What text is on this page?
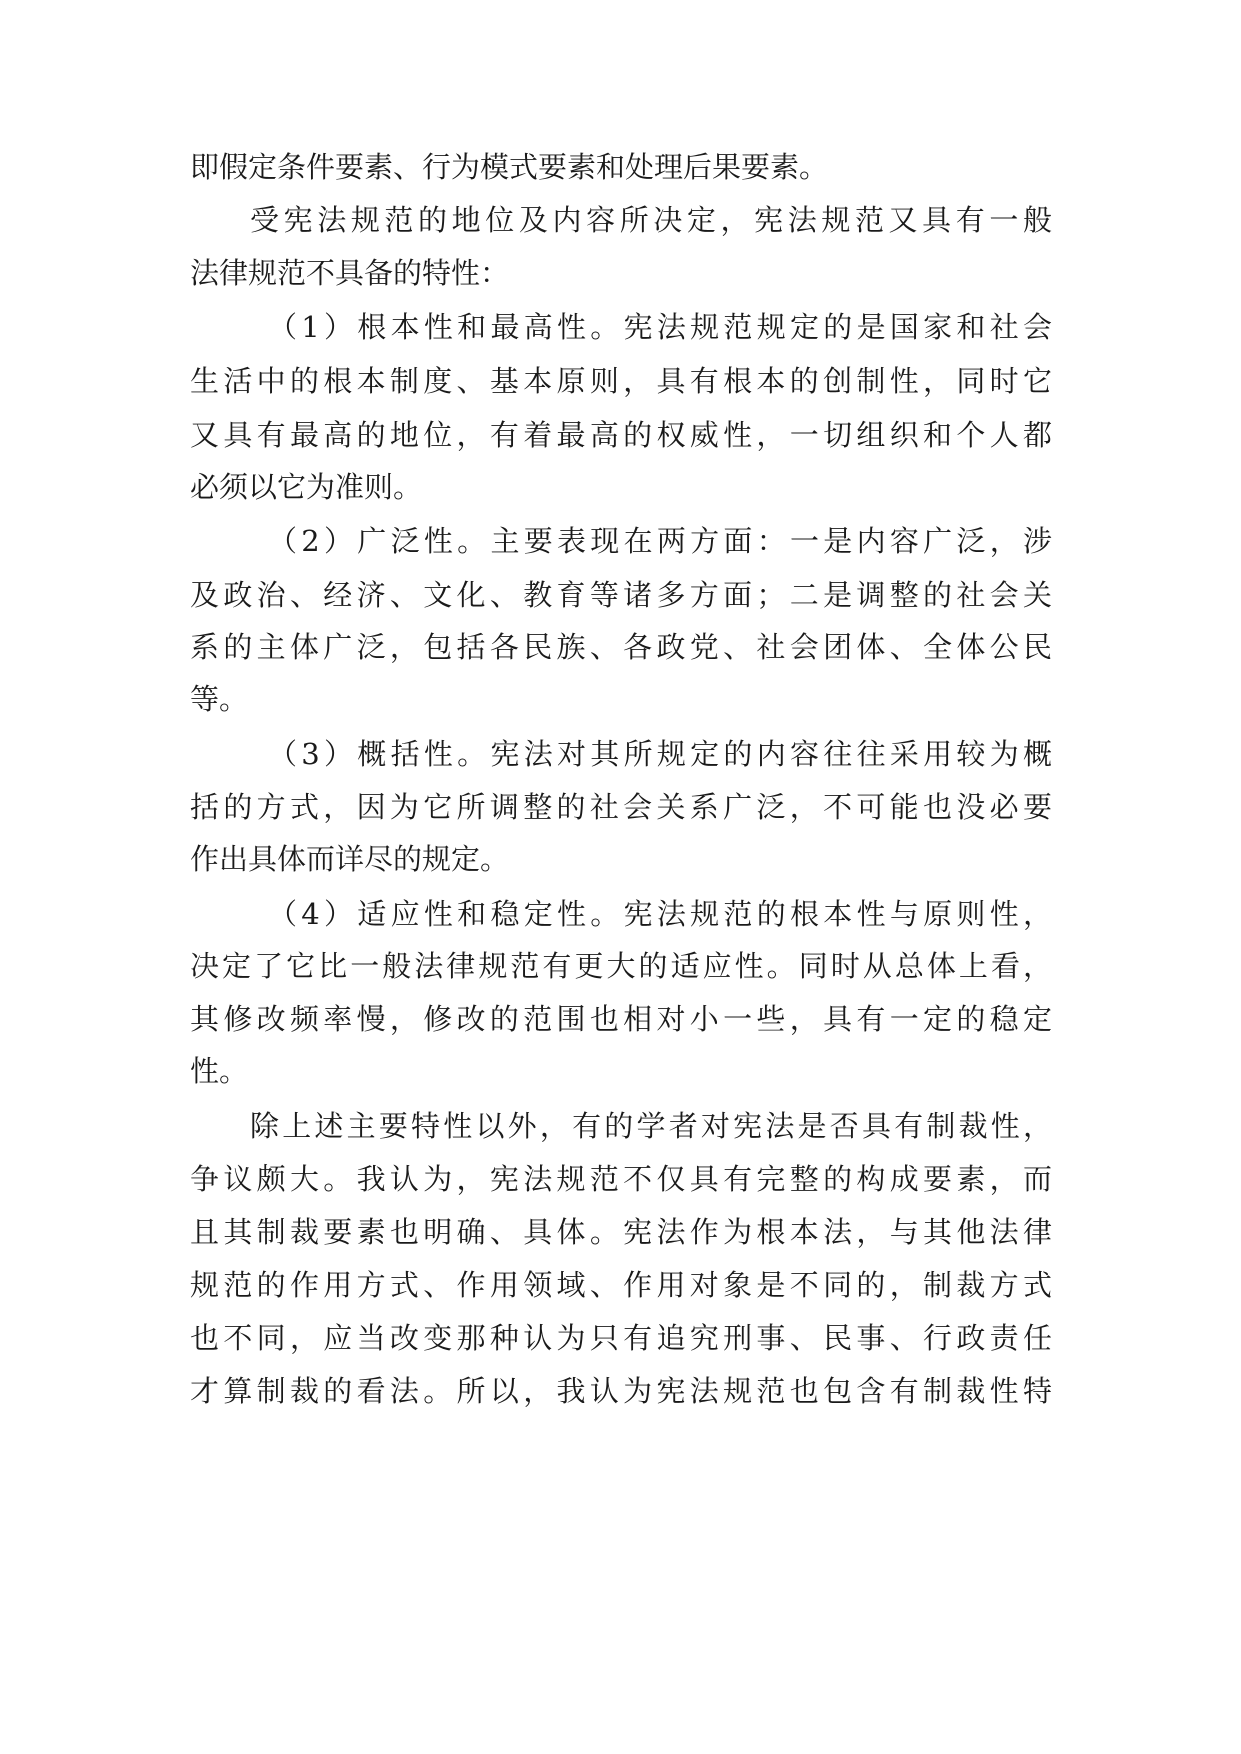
即假定条件要素、行为模式要素和处理后果要素。
受宪法规范的地位及内容所决定，宪法规范又具有一般
法律规范不具备的特性：
（1）根本性和最高性。宪法规范规定的是国家和社会
生活中的根本制度、基本原则，具有根本的创制性，同时它
又具有最高的地位，有着最高的权威性，一切组织和个人都
必须以它为准则。
（2）广泛性。主要表现在两方面：一是内容广泛，涉
及政治、经济、文化、教育等诸多方面；二是调整的社会关
系的主体广泛，包括各民族、各政党、社会团体、全体公民
等。
（3）概括性。宪法对其所规定的内容往往采用较为概
括的方式，因为它所调整的社会关系广泛，不可能也没必要
作出具体而详尽的规定。
（4）适应性和稳定性。宪法规范的根本性与原则性，
决定了它比一般法律规范有更大的适应性。同时从总体上看，
其修改频率慢，修改的范围也相对小一些，具有一定的稳定
性。
除上述主要特性以外，有的学者对宪法是否具有制裁性，
争议颇大。我认为，宪法规范不仅具有完整的构成要素，而
且其制裁要素也明确、具体。宪法作为根本法，与其他法律
规范的作用方式、作用领域、作用对象是不同的，制裁方式
也不同，应当改变那种认为只有追究刑事、民事、行政责任
才算制裁的看法。所以，我认为宪法规范也包含有制裁性特
